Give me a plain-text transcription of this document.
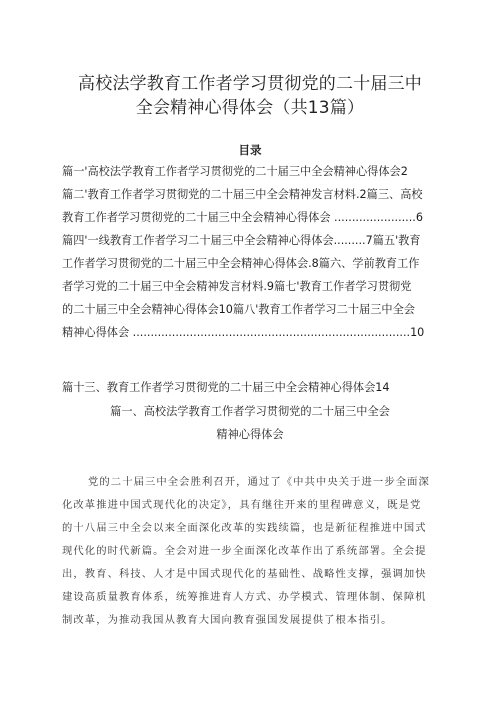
高校法学教育工作者学习贯彻党的二十届三中
全会精神心得体会（共13篇）
目录
篇一'高校法学教育工作者学习贯彻党的二十届三中全会精神心得体会2
篇二'教育工作者学习贯彻党的二十届三中全会精神发言材料.2篇三、高校
教育工作者学习贯彻党的二十届三中全会精神心得体会 .......................6
篇四'一线教育工作者学习二十届三中全会精神心得体会.........7篇五'教育
工作者学习贯彻党的二十届三中全会精神心得体会.8篇六、学前教育工作
者学习党的二十届三中全会精神发言材料.9篇七'教育工作者学习贯彻党
的二十届三中全会精神心得体会10篇八'教育工作者学习二十届三中全会
精神心得体会 ..............................................................................10
篇十三、教育工作者学习贯彻党的二十届三中全会精神心得体会14
篇一、高校法学教育工作者学习贯彻党的二十届三中全会
精神心得体会
党的二十届三中全会胜利召开，通过了《中共中央关于进一步全面深
化改革推进中国式现代化的决定》，具有继往开来的里程碑意义，既是党
的十八届三中全会以来全面深化改革的实践续篇，也是新征程推进中国式
现代化的时代新篇。全会对进一步全面深化改革作出了系统部署。全会提
出，教育、科技、人才是中国式现代化的基础性、战略性支撑，强调加快
建设高质量教育体系，统筹推进育人方式、办学模式、管理体制、保障机
制改革，为推动我国从教育大国向教育强国发展提供了根本指引。
